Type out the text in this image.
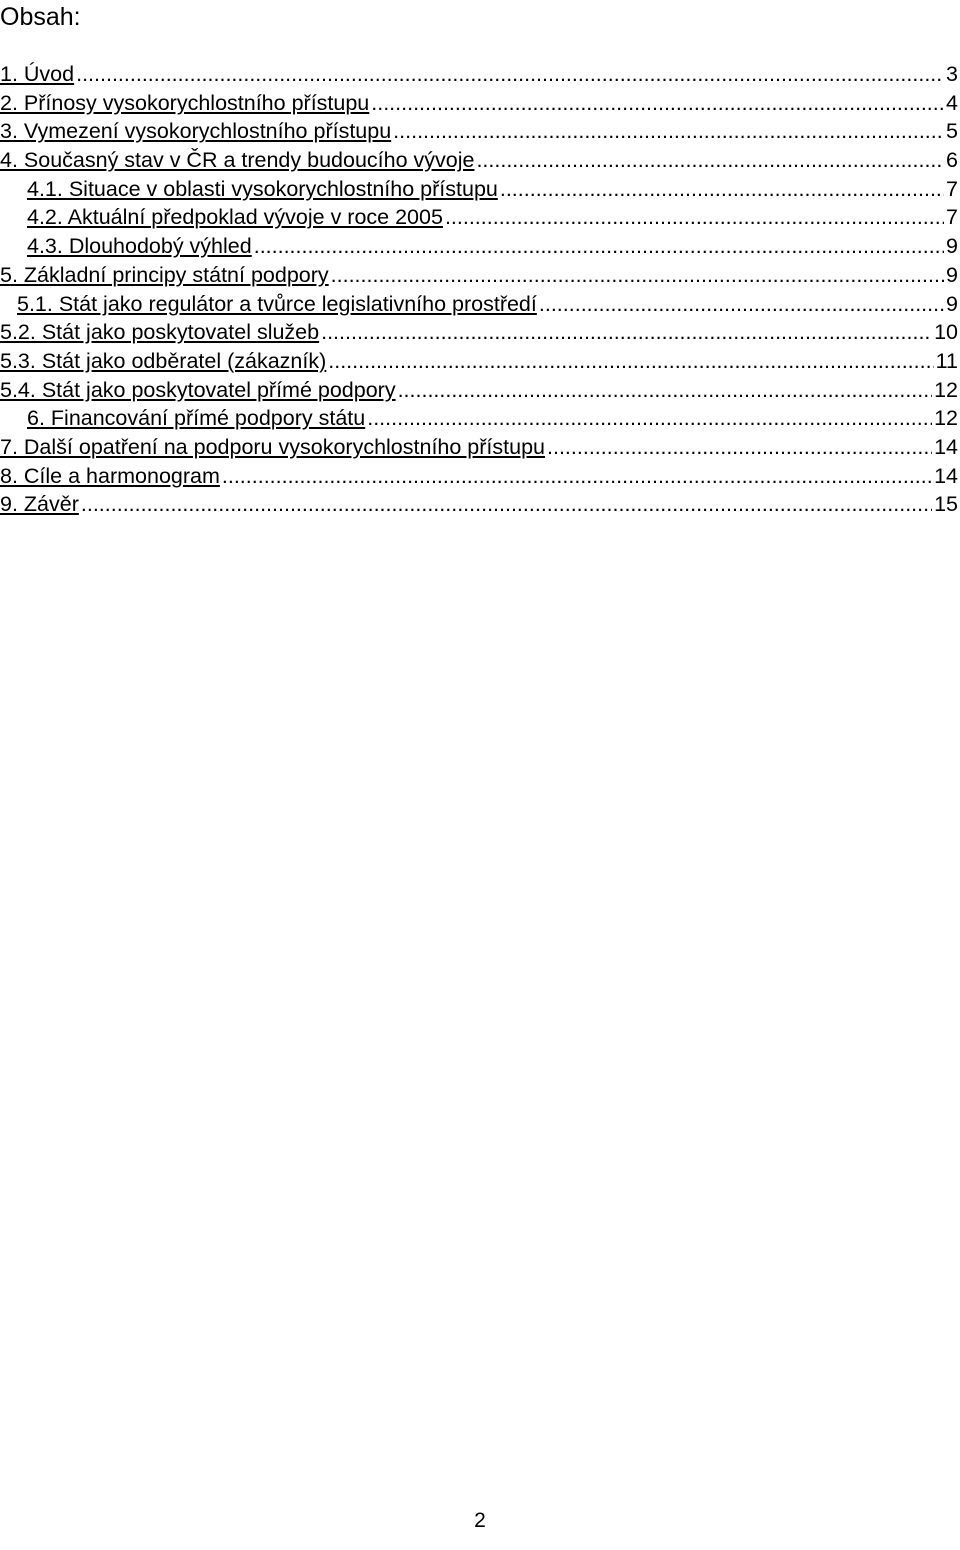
Obsah:
1. Úvod .....	3
2. Přínosy vysokorychlostního přístupu .....	4
3. Vymezení vysokorychlostního přístupu .....	5
4. Současný stav v ČR a trendy budoucího vývoje .....	6
4.1. Situace v oblasti vysokorychlostního přístupu .....	7
4.2. Aktuální předpoklad vývoje v roce 2005 .....	7
4.3. Dlouhodobý výhled .....	9
5. Základní principy státní podpory .....	9
5.1. Stát jako regulátor a tvůrce legislativního prostředí .....	9
5.2. Stát jako poskytovatel služeb .....	10
5.3. Stát jako odběratel (zákazník) .....	11
5.4. Stát jako poskytovatel přímé podpory .....	12
6. Financování přímé podpory státu .....	12
7. Další opatření na podporu vysokorychlostního přístupu .....	14
8. Cíle a harmonogram .....	14
9. Závěr .....	15
2
